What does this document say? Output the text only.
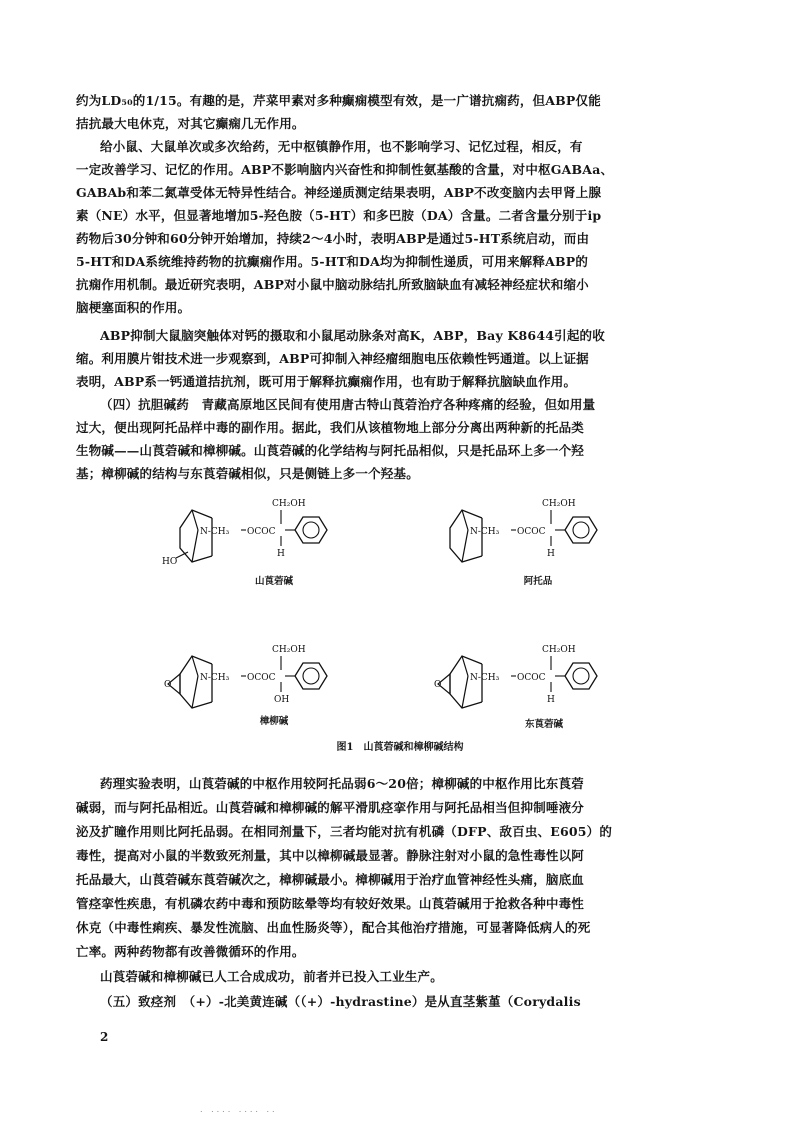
约为LD₅₀的1/15。有趣的是，芹菜甲素对多种癫痫模型有效，是一广谱抗痫药，但ABP仅能
拮抗最大电休克，对其它癫痫几无作用。
给小鼠、大鼠单次或多次给药，无中枢镇静作用，也不影响学习、记忆过程，相反，有
一定改善学习、记忆的作用。ABP不影响脑内兴奋性和抑制性氨基酸的含量，对中枢GABAa、
GABAb和苯二氮䓬受体无特异性结合。神经递质测定结果表明，ABP不改变脑内去甲肾上腺
素（NE）水平，但显著地增加5-羟色胺（5-HT）和多巴胺（DA）含量。二者含量分别于ip
药物后30分钟和60分钟开始增加，持续2～4小时，表明ABP是通过5-HT系统启动，而由
5-HT和DA系统维持药物的抗癫痫作用。5-HT和DA均为抑制性递质，可用来解释ABP的
抗痫作用机制。最近研究表明，ABP对小鼠中脑动脉结扎所致脑缺血有减轻神经症状和缩小
脑梗塞面积的作用。
ABP抑制大鼠脑突触体对钙的摄取和小鼠尾动脉条对高K，ABP，Bay K8644引起的收
缩。利用膜片钳技术进一步观察到，ABP可抑制入神经瘤细胞电压依赖性钙通道。以上证据
表明，ABP系一钙通道拮抗剂，既可用于解释抗癫痫作用，也有助于解释抗脑缺血作用。
（四）抗胆碱药　青藏高原地区民间有使用唐古特山莨菪治疗各种疼痛的经验，但如用量
过大，便出现阿托品样中毒的副作用。据此，我们从该植物地上部分分离出两种新的托品类
生物碱——山莨菪碱和樟柳碱。山莨菪碱的化学结构与阿托品相似，只是托品环上多一个羟
基；樟柳碱的结构与东莨菪碱相似，只是侧链上多一个羟基。
HO
N-CH₃ OCOC
CH₂OH
H
山莨菪碱
N-CH₃ OCOC
CH₂OH
H
阿托品
O
N-CH₃ OCOC
CH₂OH
OH
樟柳碱
O
N-CH₃ OCOC
CH₂OH
H
东莨菪碱
图1　山莨菪碱和樟柳碱结构
药理实验表明，山莨菪碱的中枢作用较阿托品弱6～20倍；樟柳碱的中枢作用比东莨菪
碱弱，而与阿托品相近。山莨菪碱和樟柳碱的解平滑肌痉挛作用与阿托品相当但抑制唾液分
泌及扩瞳作用则比阿托品弱。在相同剂量下，三者均能对抗有机磷（DFP、敌百虫、E605）的
毒性，提高对小鼠的半数致死剂量，其中以樟柳碱最显著。静脉注射对小鼠的急性毒性以阿
托品最大，山莨菪碱东莨菪碱次之，樟柳碱最小。樟柳碱用于治疗血管神经性头痛，脑底血
管痉挛性疾患，有机磷农药中毒和预防眩晕等均有较好效果。山莨菪碱用于抢救各种中毒性
休克（中毒性痢疾、暴发性流脑、出血性肠炎等），配合其他治疗措施，可显著降低病人的死
亡率。两种药物都有改善微循环的作用。
山莨菪碱和樟柳碱已人工合成成功，前者并已投入工业生产。
（五）致痉剂　（+）-北美黄连碱（（+）-hydrastine）是从直茎紫堇（Corydalis
2
. .... .... ..
